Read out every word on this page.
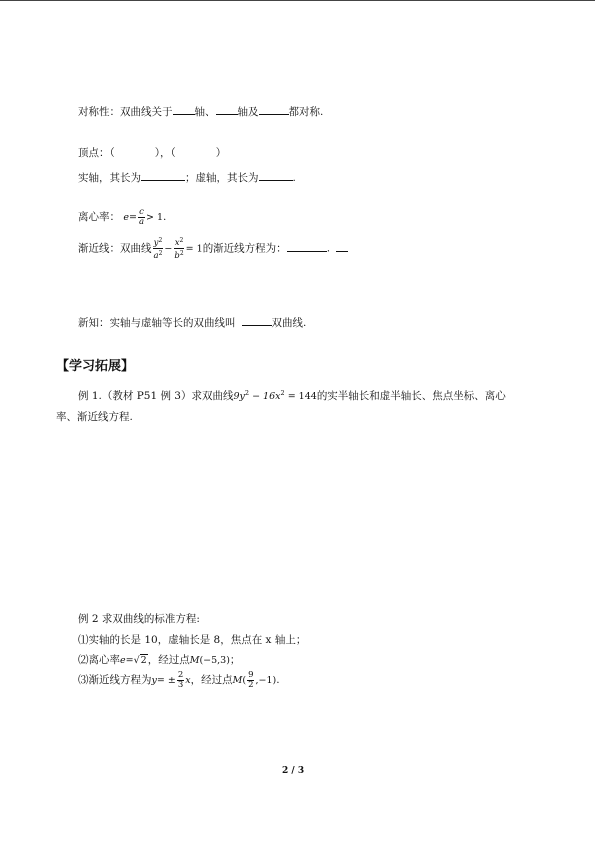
对称性：双曲线关于 轴、 轴及	都对称.
顶点：（	），（	）
实轴，其长为	；虚轴，其长为	.
离心率： $e= \frac{c}{a} > 1$.
渐近线：双曲线 $\frac{y^2}{a^2} - \frac{x^2}{b^2} = 1$的渐近线方程为：	.
新知：实轴与虚轴等长的双曲线叫	双曲线.
【学习拓展】
例 1.（教材 P51 例 3）求双曲线$9y^2 - 16x^2 = 144$的实半轴长和虚半轴长、焦点坐标、离心
率、渐近线方程.
例 2 求双曲线的标准方程:
⑴实轴的长是 10，虚轴长是 8，焦点在 x 轴上；
⑵离心率e=√2，经过点M(−5,3)；
⑶渐近线方程为$y= \pm \frac{2}{3}$ x，经过点$M( \frac{9}{2} ,-1)$.
2 / 3
